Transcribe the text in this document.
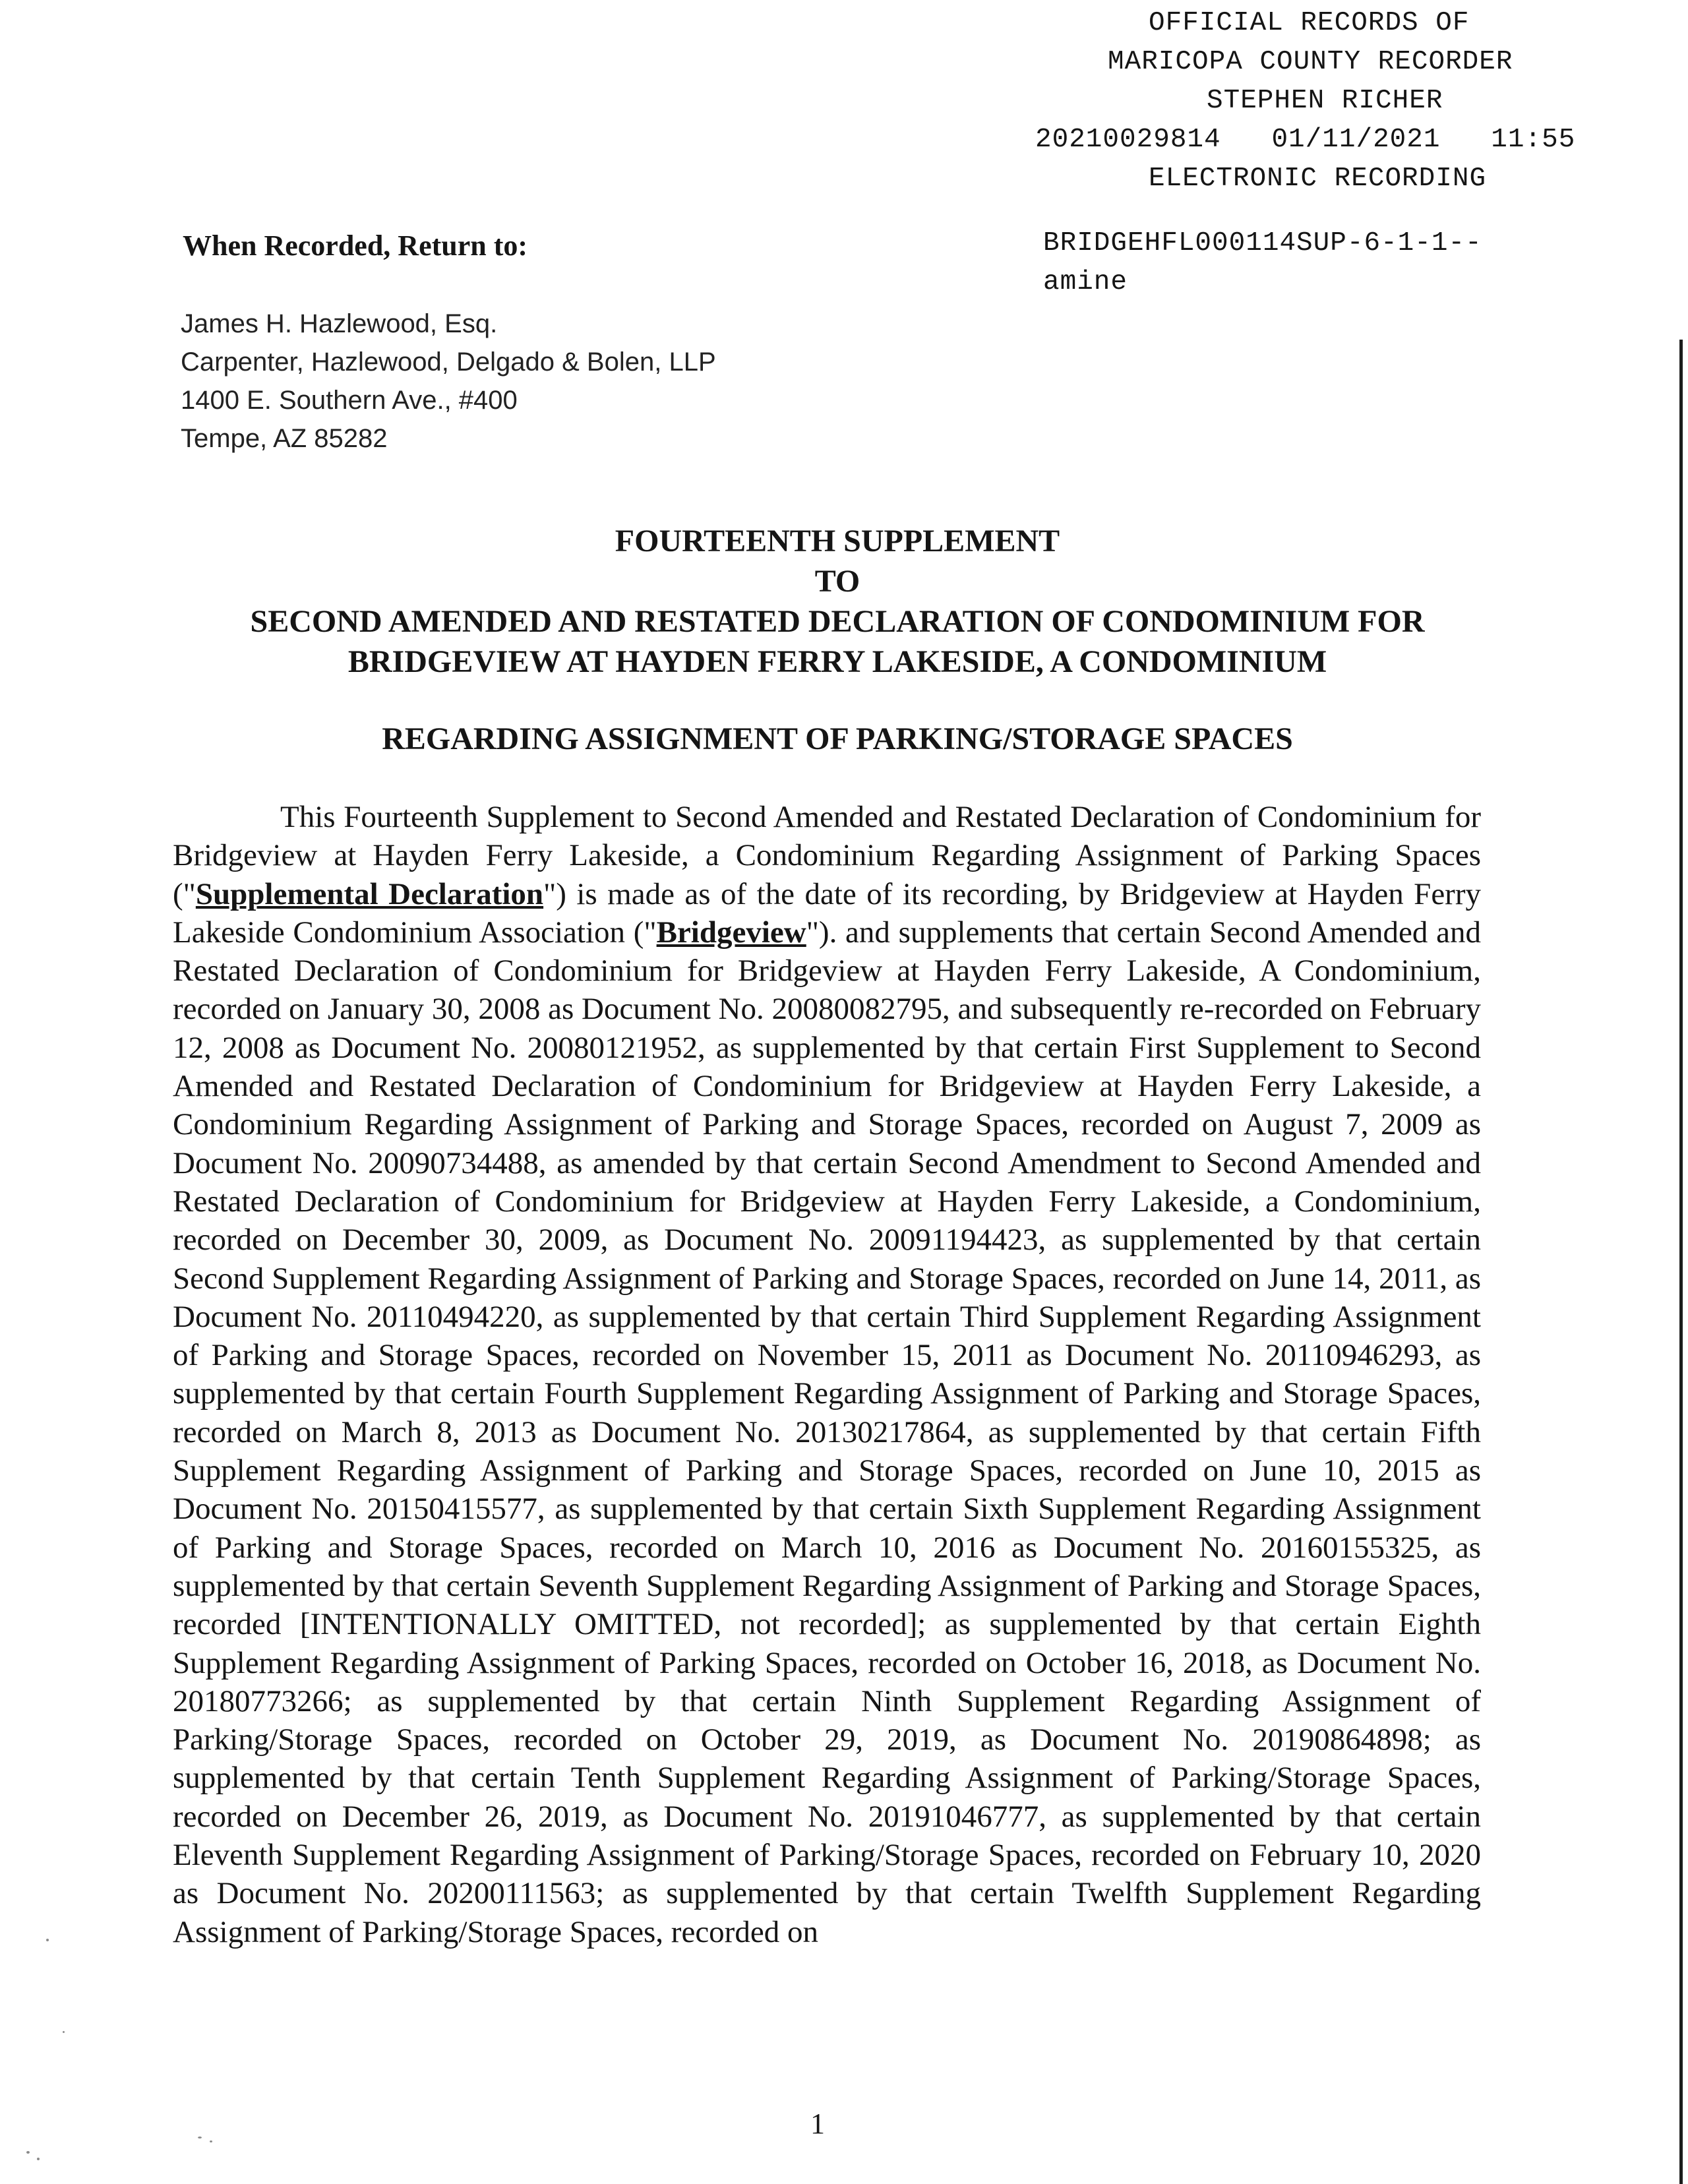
OFFICIAL RECORDS OF
MARICOPA COUNTY RECORDER
STEPHEN RICHER
20210029814   01/11/2021   11:55
ELECTRONIC RECORDING
BRIDGEHFL000114SUP-6-1-1--
amine
When Recorded, Return to:
James H. Hazlewood, Esq.
Carpenter, Hazlewood, Delgado & Bolen, LLP
1400 E. Southern Ave., #400
Tempe, AZ 85282
FOURTEENTH SUPPLEMENT
TO
SECOND AMENDED AND RESTATED DECLARATION OF CONDOMINIUM FOR
BRIDGEVIEW AT HAYDEN FERRY LAKESIDE, A CONDOMINIUM
REGARDING ASSIGNMENT OF PARKING/STORAGE SPACES

This Fourteenth Supplement to Second Amended and Restated Declaration of Condominium for Bridgeview at Hayden Ferry Lakeside, a Condominium Regarding Assignment of Parking Spaces ("Supplemental Declaration") is made as of the date of its recording, by Bridgeview at Hayden Ferry Lakeside Condominium Association ("Bridgeview"). and supplements that certain Second Amended and Restated Declaration of Condominium for Bridgeview at Hayden Ferry Lakeside, A Condominium, recorded on January 30, 2008 as Document No. 20080082795, and subsequently re-recorded on February 12, 2008 as Document No. 20080121952, as supplemented by that certain First Supplement to Second Amended and Restated Declaration of Condominium for Bridgeview at Hayden Ferry Lakeside, a Condominium Regarding Assignment of Parking and Storage Spaces, recorded on August 7, 2009 as Document No. 20090734488, as amended by that certain Second Amendment to Second Amended and Restated Declaration of Condominium for Bridgeview at Hayden Ferry Lakeside, a Condominium, recorded on December 30, 2009, as Document No. 20091194423, as supplemented by that certain Second Supplement Regarding Assignment of Parking and Storage Spaces, recorded on June 14, 2011, as Document No. 20110494220, as supplemented by that certain Third Supplement Regarding Assignment of Parking and Storage Spaces, recorded on November 15, 2011 as Document No. 20110946293, as supplemented by that certain Fourth Supplement Regarding Assignment of Parking and Storage Spaces, recorded on March 8, 2013 as Document No. 20130217864, as supplemented by that certain Fifth Supplement Regarding Assignment of Parking and Storage Spaces, recorded on June 10, 2015 as Document No. 20150415577, as supplemented by that certain Sixth Supplement Regarding Assignment of Parking and Storage Spaces, recorded on March 10, 2016 as Document No. 20160155325, as supplemented by that certain Seventh Supplement Regarding Assignment of Parking and Storage Spaces, recorded [INTENTIONALLY OMITTED, not recorded]; as supplemented by that certain Eighth Supplement Regarding Assignment of Parking Spaces, recorded on October 16, 2018, as Document No. 20180773266; as supplemented by that certain Ninth Supplement Regarding Assignment of Parking/Storage Spaces, recorded on October 29, 2019, as Document No. 20190864898; as supplemented by that certain Tenth Supplement Regarding Assignment of Parking/Storage Spaces, recorded on December 26, 2019, as Document No. 20191046777, as supplemented by that certain Eleventh Supplement Regarding Assignment of Parking/Storage Spaces, recorded on February 10, 2020 as Document No. 20200111563; as supplemented by that certain Twelfth Supplement Regarding Assignment of Parking/Storage Spaces, recorded on

1
